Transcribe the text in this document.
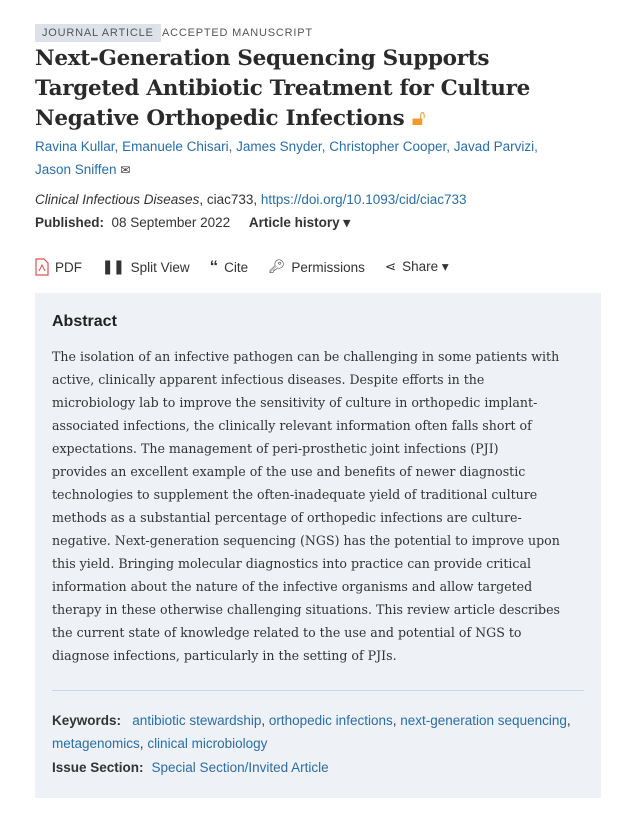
JOURNAL ARTICLE ACCEPTED MANUSCRIPT
Next-Generation Sequencing Supports Targeted Antibiotic Treatment for Culture Negative Orthopedic Infections 🔓︎
Ravina Kullar, Emanuele Chisari, James Snyder, Christopher Cooper, Javad Parvizi,
Jason Sniffen ✉
Clinical Infectious Diseases, ciac733, https://doi.org/10.1093/cid/ciac733
Published: 08 September 2022 Article history ▾
PDF ❚❚ Split View “ Cite 🔑︎ Permissions ⋖ Share ▾
Abstract
The isolation of an infective pathogen can be challenging in some patients with
active, clinically apparent infectious diseases. Despite efforts in the
microbiology lab to improve the sensitivity of culture in orthopedic implant-
associated infections, the clinically relevant information often falls short of
expectations. The management of peri-prosthetic joint infections (PJI)
provides an excellent example of the use and benefits of newer diagnostic
technologies to supplement the often-inadequate yield of traditional culture
methods as a substantial percentage of orthopedic infections are culture-
negative. Next-generation sequencing (NGS) has the potential to improve upon
this yield. Bringing molecular diagnostics into practice can provide critical
information about the nature of the infective organisms and allow targeted
therapy in these otherwise challenging situations. This review article describes
the current state of knowledge related to the use and potential of NGS to
diagnose infections, particularly in the setting of PJIs.
Keywords: antibiotic stewardship, orthopedic infections, next-generation sequencing, metagenomics, clinical microbiology
Issue Section: Special Section/Invited Article
